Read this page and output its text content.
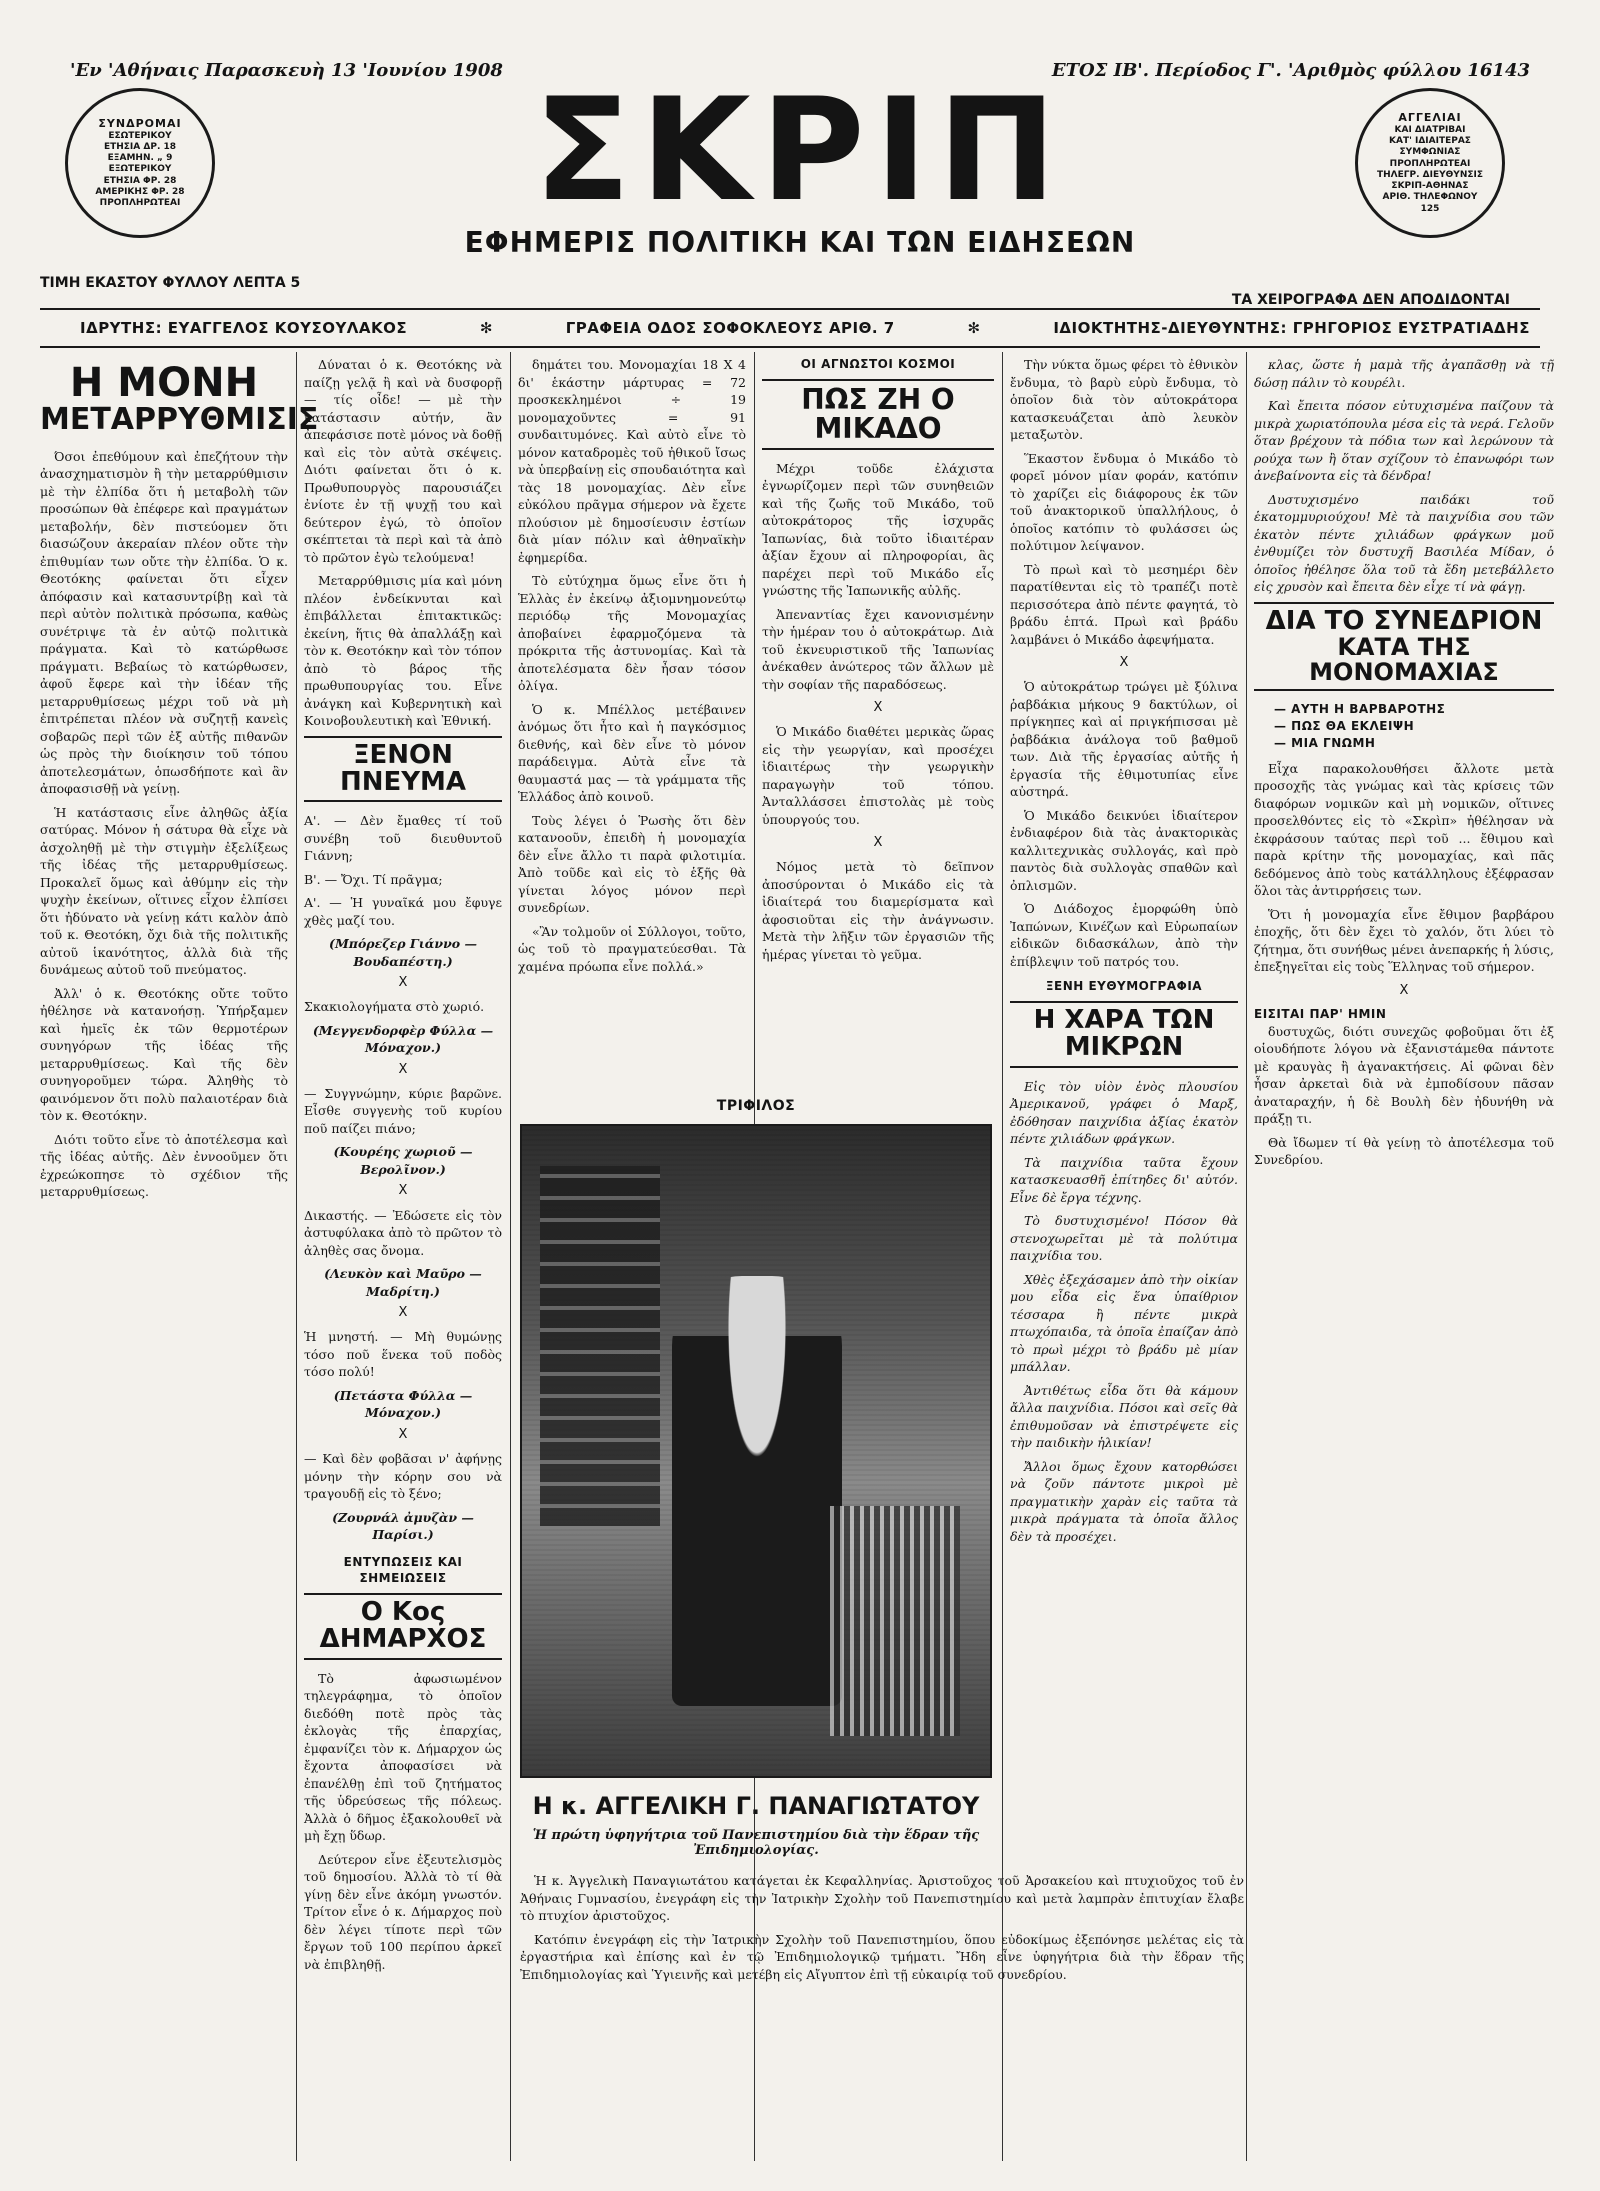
'Εν 'Αθήναις Παρασκευὴ 13 'Ιουνίου 1908	ΕΤΟΣ ΙΒ'. Περίοδος Γ'. 'Αριθμὸς φύλλου 16143
ΣΥΝΔΡΟΜΑΙ
ΕΣΩΤΕΡΙΚΟΥ
ΕΤΗΣΙΑ ΔΡ. 18
ΕΞΑΜΗΝ. „ 9
ΕΞΩΤΕΡΙΚΟΥ
ΕΤΗΣΙΑ ΦΡ. 28
ΑΜΕΡΙΚΗΣ ΦΡ. 28
ΠΡΟΠΛΗΡΩΤΕΑΙ	ΣΚΡΙΠ	ΑΓΓΕΛΙΑΙ
ΚΑΙ ΔΙΑΤΡΙΒΑΙ
ΚΑΤ' ΙΔΙΑΙΤΕΡΑΣ
ΣΥΜΦΩΝΙΑΣ
ΠΡΟΠΛΗΡΩΤΕΑΙ
ΤΗΛΕΓΡ. ΔΙΕΥΘΥΝΣΙΣ
ΣΚΡΙΠ-ΑΘΗΝΑΣ
ΑΡΙΘ. ΤΗΛΕΦΩΝΟΥ 125
ΕΦΗΜΕΡΙΣ ΠΟΛΙΤΙΚΗ ΚΑΙ ΤΩΝ ΕΙΔΗΣΕΩΝ
ΤΙΜΗ ΕΚΑΣΤΟΥ ΦΥΛΛΟΥ ΛΕΠΤΑ 5
ΤΑ ΧΕΙΡΟΓΡΑΦΑ ΔΕΝ ΑΠΟΔΙΔΟΝΤΑΙ
ΙΔΡΥΤΗΣ: ΕΥΑΓΓΕΛΟΣ ΚΟΥΣΟΥΛΑΚΟΣ	✻	ΓΡΑΦΕΙΑ ΟΔΟΣ ΣΟΦΟΚΛΕΟΥΣ ΑΡΙΘ. 7	✻	ΙΔΙΟΚΤΗΤΗΣ-ΔΙΕΥΘΥΝΤΗΣ: ΓΡΗΓΟΡΙΟΣ ΕΥΣΤΡΑΤΙΑΔΗΣ
Η ΜΟΝΗ
ΜΕΤΑΡΡΥΘΜΙΣΙΣ

Όσοι ἐπεθύμουν καὶ ἐπεζήτουν τὴν ἀνασχηματισμὸν ἢ τὴν μεταρρύθμισιν μὲ τὴν ἐλπίδα ὅτι ἡ μεταβολὴ τῶν προσώπων θὰ ἐπέφερε καὶ πραγμάτων μεταβολήν, δὲν πιστεύομεν ὅτι διασώζουν ἀκεραίαν πλέον οὔτε τὴν ἐπιθυμίαν των οὔτε τὴν ἐλπίδα. Ὁ κ. Θεοτόκης φαίνεται ὅτι εἶχεν ἀπόφασιν καὶ κατασυντρίβῃ καὶ τὰ περὶ αὐτὸν πολιτικὰ πρόσωπα, καθὼς συνέτριψε τὰ ἐν αὐτῷ πολιτικὰ πράγματα. Καὶ τὸ κατώρθωσε πράγματι. Βεβαίως τὸ κατώρθωσεν, ἀφοῦ ἔφερε καὶ τὴν ἰδέαν τῆς μεταρρυθμίσεως μέχρι τοῦ νὰ μὴ ἐπιτρέπεται πλέον νὰ συζητῇ κανεὶς σοβαρῶς περὶ τῶν ἐξ αὐτῆς πιθανῶν ὡς πρὸς τὴν διοίκησιν τοῦ τόπου ἀποτελεσμάτων, ὁπωσδήποτε καὶ ἂν ἀποφασισθῇ νὰ γείνῃ.

Ἡ κατάστασις εἶνε ἀληθῶς ἀξία σατύρας. Μόνον ἡ σάτυρα θὰ εἶχε νὰ ἀσχοληθῇ μὲ τὴν στιγμὴν ἐξελίξεως τῆς ἰδέας τῆς μεταρρυθμίσεως. Προκαλεῖ ὅμως καὶ ἀθύμην εἰς τὴν ψυχὴν ἐκείνων, οἵτινες εἶχον ἐλπίσει ὅτι ἠδύνατο νὰ γείνῃ κάτι καλὸν ἀπὸ τοῦ κ. Θεοτόκη, ὄχι διὰ τῆς πολιτικῆς αὐτοῦ ἱκανότητος, ἀλλὰ διὰ τῆς δυνάμεως αὐτοῦ τοῦ πνεύματος.

Ἀλλ' ὁ κ. Θεοτόκης οὔτε τοῦτο ἠθέλησε νὰ κατανοήσῃ. Ὑπήρξαμεν καὶ ἡμεῖς ἐκ τῶν θερμοτέρων συνηγόρων τῆς ἰδέας τῆς μεταρρυθμίσεως. Καὶ τῆς δὲν συνηγοροῦμεν τώρα. Ἀληθὴς τὸ φαινόμενον ὅτι πολὺ παλαιοτέραν διὰ τὸν κ. Θεοτόκην.

Διότι τοῦτο εἶνε τὸ ἀποτέλεσμα καὶ τῆς ἰδέας αὐτῆς. Δὲν ἐννοοῦμεν ὅτι ἐχρεώκοπησε τὸ σχέδιον τῆς μεταρρυθμίσεως.

Δύναται ὁ κ. Θεοτόκης νὰ παίζῃ γελᾷ ἢ καὶ νὰ δυσφορῇ — τίς οἶδε! — μὲ τὴν κατάστασιν αὐτήν, ἂν ἀπεφάσισε ποτὲ μόνος νὰ δοθῇ καὶ εἰς τὸν αὐτὰ σκέψεις. Διότι φαίνεται ὅτι ὁ κ. Πρωθυπουργὸς παρουσιάζει ἐνίοτε ἐν τῇ ψυχῇ του καὶ δεύτερον ἐγώ, τὸ ὁποῖον σκέπτεται τὰ περὶ καὶ τὰ ἀπὸ τὸ πρῶτον ἐγὼ τελούμενα!

Μεταρρύθμισις μία καὶ μόνη πλέον ἐνδείκνυται καὶ ἐπιβάλλεται ἐπιτακτικῶς: ἐκείνη, ἥτις θὰ ἀπαλλάξῃ καὶ τὸν κ. Θεοτόκην καὶ τὸν τόπον ἀπὸ τὸ βάρος τῆς πρωθυπουργίας του. Εἶνε ἀνάγκη καὶ Κυβερνητικὴ καὶ Κοινοβουλευτικὴ καὶ Ἐθνική.

ΞΕΝΟΝ ΠΝΕΥΜΑ

Α'. — Δὲν ἔμαθες τί τοῦ συνέβη τοῦ διευθυντοῦ Γιάννη;

Β'. — Ὄχι. Τί πρᾶγμα;

Α'. — Ἡ γυναῖκά μου ἔφυγε χθὲς μαζί του.

(Μπόρεζερ Γιάννο — Βουδαπέστη.)

X

Σκακιολογήματα στὸ χωριό.

(Μεγγενδορφὲρ Φύλλα — Μόναχον.)

X

— Συγγνώμην, κύριε βαρῶνε. Εἶσθε συγγενὴς τοῦ κυρίου ποῦ παίζει πιάνο;

(Κουρέης χωριοῦ — Βερολῖνον.)

X

Δικαστής. — Ἐδώσετε εἰς τὸν ἀστυφύλακα ἀπὸ τὸ πρῶτον τὸ ἀληθὲς σας ὄνομα.

(Λευκὸν καὶ Μαῦρο — Μαδρίτη.)

X

Ἡ μνηστή. — Μὴ θυμώνῃς τόσο ποῦ ἕνεκα τοῦ ποδὸς τόσο πολύ!

(Πετάστα Φύλλα — Μόναχον.)

X

— Καὶ δὲν φοβᾶσαι ν' ἀφήνῃς μόνην τὴν κόρην σου νὰ τραγουδῇ εἰς τὸ ξένο;

(Ζουρνάλ ἀμυζὰν — Παρίσι.)

ΕΝΤΥΠΩΣΕΙΣ ΚΑΙ ΣΗΜΕΙΩΣΕΙΣ
Ο Κος ΔΗΜΑΡΧΟΣ

Τὸ ἀφωσιωμένον τηλεγράφημα, τὸ ὁποῖον διεδόθη ποτὲ πρὸς τὰς ἐκλογὰς τῆς ἐπαρχίας, ἐμφανίζει τὸν κ. Δήμαρχον ὡς ἔχοντα ἀποφασίσει νὰ ἐπανέλθῃ ἐπὶ τοῦ ζητήματος τῆς ὑδρεύσεως τῆς πόλεως. Ἀλλὰ ὁ δῆμος ἐξακολουθεῖ νὰ μὴ ἔχῃ ὕδωρ.

Δεύτερον εἶνε ἐξευτελισμὸς τοῦ δημοσίου. Ἀλλὰ τὸ τί θὰ γίνῃ δὲν εἶνε ἀκόμη γνωστόν. Τρίτον εἶνε ὁ κ. Δήμαρχος ποὺ δὲν λέγει τίποτε περὶ τῶν ἔργων τοῦ 100 περίπου ἀρκεῖ νὰ ἐπιβληθῇ.

δημάτει του. Μονομαχίαι 18 Χ 4 δι' ἑκάστην μάρτυρας = 72 προσκεκλημένοι ÷ 19 μονομαχοῦντες = 91 συνδαιτυμόνες. Καὶ αὐτὸ εἶνε τὸ μόνον καταδρομὲς τοῦ ἠθικοῦ ἴσως νὰ ὑπερβαίνῃ εἰς σπουδαιότητα καὶ τὰς 18 μονομαχίας. Δὲν εἶνε εὐκόλου πρᾶγμα σήμερον νὰ ἔχετε πλούσιον μὲ δημοσίευσιν ἑστίων διὰ μίαν πόλιν καὶ ἀθηναϊκὴν ἐφημερίδα.

Τὸ εὐτύχημα ὅμως εἶνε ὅτι ἡ Ἑλλὰς ἐν ἐκείνῳ ἀξιομνημονεύτῳ περιόδῳ τῆς Μονομαχίας ἀποβαίνει ἐφαρμοζόμενα τὰ πρόκριτα τῆς ἀστυνομίας. Καὶ τὰ ἀποτελέσματα δὲν ἦσαν τόσον ὀλίγα.

Ὁ κ. Μπέλλος μετέβαινεν ἀνόμως ὅτι ἦτο καὶ ἡ παγκόσμιος διεθνής, καὶ δὲν εἶνε τὸ μόνον παράδειγμα. Αὐτὰ εἶνε τὰ θαυμαστά μας — τὰ γράμματα τῆς Ἑλλάδος ἀπὸ κοινοῦ.

Τοὺς λέγει ὁ Ῥωσὴς ὅτι δὲν κατανοοῦν, ἐπειδὴ ἡ μονομαχία δὲν εἶνε ἄλλο τι παρὰ φιλοτιμία. Ἀπὸ τοῦδε καὶ εἰς τὸ ἑξῆς θὰ γίνεται λόγος μόνον περὶ συνεδρίων.

«Ἂν τολμοῦν οἱ Σύλλογοι, τοῦτο, ὡς τοῦ τὸ πραγματεύεσθαι. Τὰ χαμένα πρόωπα εἶνε πολλά.»

ΟΙ ΑΓΝΩΣΤΟΙ ΚΟΣΜΟΙ
ΠΩΣ ΖΗ Ο ΜΙΚΑΔΟ

Μέχρι τοῦδε ἐλάχιστα ἐγνωρίζομεν περὶ τῶν συνηθειῶν καὶ τῆς ζωῆς τοῦ Μικάδο, τοῦ αὐτοκράτορος τῆς ἰσχυρᾶς Ἰαπωνίας, διὰ τοῦτο ἰδιαιτέραν ἀξίαν ἔχουν αἱ πληροφορίαι, ἃς παρέχει περὶ τοῦ Μικάδο εἷς γνώστης τῆς Ἰαπωνικῆς αὐλῆς.

Ἀπεναντίας ἔχει κανονισμένην τὴν ἡμέραν του ὁ αὐτοκράτωρ. Διὰ τοῦ ἐκνευριστικοῦ τῆς Ἰαπωνίας ἀνέκαθεν ἀνώτερος τῶν ἄλλων μὲ τὴν σοφίαν τῆς παραδόσεως.

X

Ὁ Μικάδο διαθέτει μερικὰς ὥρας εἰς τὴν γεωργίαν, καὶ προσέχει ἰδιαιτέρως τὴν γεωργικὴν παραγωγὴν τοῦ τόπου. Ἀνταλλάσσει ἐπιστολὰς μὲ τοὺς ὑπουργούς του.

X

Νόμος μετὰ τὸ δεῖπνον ἀποσύρονται ὁ Μικάδο εἰς τὰ ἰδιαίτερά του διαμερίσματα καὶ ἀφοσιοῦται εἰς τὴν ἀνάγνωσιν. Μετὰ τὴν λῆξιν τῶν ἐργασιῶν τῆς ἡμέρας γίνεται τὸ γεῦμα.

Τὴν νύκτα ὅμως φέρει τὸ ἐθνικὸν ἔνδυμα, τὸ βαρὺ εὐρὺ ἔνδυμα, τὸ ὁποῖον διὰ τὸν αὐτοκράτορα κατασκευάζεται ἀπὸ λευκὸν μεταξωτὸν.

Ἕκαστον ἔνδυμα ὁ Μικάδο τὸ φορεῖ μόνον μίαν φοράν, κατόπιν τὸ χαρίζει εἰς διάφορους ἐκ τῶν τοῦ ἀνακτορικοῦ ὑπαλλήλους, ὁ ὁποῖος κατόπιν τὸ φυλάσσει ὡς πολύτιμον λείψανον.

Τὸ πρωὶ καὶ τὸ μεσημέρι δὲν παρατίθενται εἰς τὸ τραπέζι ποτὲ περισσότερα ἀπὸ πέντε φαγητά, τὸ βράδυ ἑπτά. Πρωὶ καὶ βράδυ λαμβάνει ὁ Μικάδο ἀφεψήματα.

X

Ὁ αὐτοκράτωρ τρώγει μὲ ξύλινα ῥαβδάκια μήκους 9 δακτύλων, οἱ πρίγκηπες καὶ αἱ πριγκήπισσαι μὲ ῥαβδάκια ἀνάλογα τοῦ βαθμοῦ των. Διὰ τῆς ἐργασίας αὐτῆς ἡ ἐργασία τῆς ἐθιμοτυπίας εἶνε αὐστηρά.

Ὁ Μικάδο δεικνύει ἰδιαίτερον ἐνδιαφέρον διὰ τὰς ἀνακτορικὰς καλλιτεχνικὰς συλλογάς, καὶ πρὸ παντὸς διὰ συλλογὰς σπαθῶν καὶ ὀπλισμῶν.

Ὁ Διάδοχος ἐμορφώθη ὑπὸ Ἰαπώνων, Κινέζων καὶ Εὐρωπαίων εἰδικῶν διδασκάλων, ἀπὸ τὴν ἐπίβλεψιν τοῦ πατρός του.

ΞΕΝΗ ΕΥΘΥΜΟΓΡΑΦΙΑ
Η ΧΑΡΑ ΤΩΝ ΜΙΚΡΩΝ

Εἰς τὸν υἱὸν ἑνὸς πλουσίου Ἀμερικανοῦ, γράφει ὁ Μαρξ, ἐδόθησαν παιχνίδια ἀξίας ἑκατὸν πέντε χιλιάδων φράγκων.

Τὰ παιχνίδια ταῦτα ἔχουν κατασκευασθῆ ἐπίτηδες δι' αὐτόν. Εἶνε δὲ ἔργα τέχνης.

Τὸ δυστυχισμένο! Πόσον θὰ στενοχωρεῖται μὲ τὰ πολύτιμα παιχνίδια του.

Χθὲς ἐξεχάσαμεν ἀπὸ τὴν οἰκίαν μου εἶδα εἰς ἕνα ὑπαίθριον τέσσαρα ἢ πέντε μικρὰ πτωχόπαιδα, τὰ ὁποῖα ἐπαίζαν ἀπὸ τὸ πρωὶ μέχρι τὸ βράδυ μὲ μίαν μπάλλαν.

Ἀντιθέτως εἶδα ὅτι θὰ κάμουν ἄλλα παιχνίδια. Πόσοι καὶ σεῖς θὰ ἐπιθυμοῦσαν νὰ ἐπιστρέψετε εἰς τὴν παιδικὴν ἡλικίαν!

Ἄλλοι ὅμως ἔχουν κατορθώσει νὰ ζοῦν πάντοτε μικροὶ μὲ πραγματικὴν χαρὰν εἰς ταῦτα τὰ μικρὰ πράγματα τὰ ὁποῖα ἄλλος δὲν τὰ προσέχει.

κλας, ὥστε ἡ μαμὰ τῆς ἀγαπᾶσθῃ νὰ τῇ δώσῃ πάλιν τὸ κουρέλι.

Καὶ ἔπειτα πόσον εὐτυχισμένα παίζουν τὰ μικρὰ χωριατόπουλα μέσα εἰς τὰ νερά. Γελοῦν ὅταν βρέχουν τὰ πόδια των καὶ λερώνουν τὰ ρούχα των ἢ ὅταν σχίζουν τὸ ἐπανωφόρι των ἀνεβαίνοντα εἰς τὰ δένδρα!

Δυστυχισμένο παιδάκι τοῦ ἑκατομμυριούχου! Μὲ τὰ παιχνίδια σου τῶν ἑκατὸν πέντε χιλιάδων φράγκων μοῦ ἐνθυμίζει τὸν δυστυχῆ Βασιλέα Μίδαν, ὁ ὁποῖος ἠθέλησε ὅλα τοῦ τὰ ἔδη μετεβάλλετο εἰς χρυσὸν καὶ ἔπειτα δὲν εἶχε τί νὰ φάγῃ.

ΔΙΑ ΤΟ ΣΥΝΕΔΡΙΟΝ
ΚΑΤΑ ΤΗΣ ΜΟΝΟΜΑΧΙΑΣ
— ΑΥΤΗ Η ΒΑΡΒΑΡΟΤΗΣ
— ΠΩΣ ΘΑ ΕΚΛΕΙΨΗ
— ΜΙΑ ΓΝΩΜΗ

Εἶχα παρακολουθήσει ἄλλοτε μετὰ προσοχῆς τὰς γνώμας καὶ τὰς κρίσεις τῶν διαφόρων νομικῶν καὶ μὴ νομικῶν, οἵτινες προσελθόντες εἰς τὸ «Σκρὶπ» ἠθέλησαν νὰ ἐκφράσουν ταύτας περὶ τοῦ ... ἔθιμου καὶ παρὰ κρίτην τῆς μονομαχίας, καὶ πᾶς δεδόμενος ἀπὸ τοὺς κατάλληλους ἐξέφρασαν ὅλοι τὰς ἀντιρρήσεις των.

Ὅτι ἡ μονομαχία εἶνε ἔθιμον βαρβάρου ἐποχῆς, ὅτι δὲν ἔχει τὸ χαλόν, ὅτι λύει τὸ ζήτημα, ὅτι συνήθως μένει ἀνεπαρκής ἡ λύσις, ἐπεξηγεῖται εἰς τοὺς Ἕλληνας τοῦ σήμερον.

X
ΕΙΣΙΤΑΙ ΠΑΡ' ΗΜΙΝ

δυστυχῶς, διότι συνεχῶς φοβοῦμαι ὅτι ἐξ οἱουδήποτε λόγου νὰ ἐξανιστάμεθα πάντοτε μὲ κραυγὰς ἢ ἀγανακτήσεις. Αἱ φῶναι δὲν ἦσαν ἀρκεταὶ διὰ νὰ ἐμποδίσουν πᾶσαν ἀναταραχήν, ἡ δὲ Βουλὴ δὲν ἠδυνήθη νὰ πράξῃ τι.

Θὰ ἴδωμεν τί θὰ γείνῃ τὸ ἀποτέλεσμα τοῦ Συνεδρίου.

ΤΡΙΦΙΛΟΣ
Η κ. ΑΓΓΕΛΙΚΗ Γ. ΠΑΝΑΓΙΩΤΑΤΟΥ
Ἡ πρώτη ὑφηγήτρια τοῦ Πανεπιστημίου διὰ τὴν ἕδραν τῆς Ἐπιδημιολογίας.

Ἡ κ. Ἀγγελικὴ Παναγιωτάτου κατάγεται ἐκ Κεφαλληνίας. Ἀριστοῦχος τοῦ Ἀρσακείου καὶ πτυχιοῦχος τοῦ ἐν Ἀθήναις Γυμνασίου, ἐνεγράφη εἰς τὴν Ἰατρικὴν Σχολὴν τοῦ Πανεπιστημίου καὶ μετὰ λαμπρὰν ἐπιτυχίαν ἔλαβε τὸ πτυχίον ἀριστοῦχος.

Κατόπιν ἐνεγράφη εἰς τὴν Ἰατρικὴν Σχολὴν τοῦ Πανεπιστημίου, ὅπου εὐδοκίμως ἐξεπόνησε μελέτας εἰς τὰ ἐργαστήρια καὶ ἐπίσης καὶ ἐν τῷ Ἐπιδημιολογικῷ τμήματι. Ἤδη εἶνε ὑφηγήτρια διὰ τὴν ἕδραν τῆς Ἐπιδημιολογίας καὶ Ὑγιεινῆς καὶ μετέβη εἰς Αἴγυπτον ἐπὶ τῇ εὐκαιρίᾳ τοῦ συνεδρίου.
